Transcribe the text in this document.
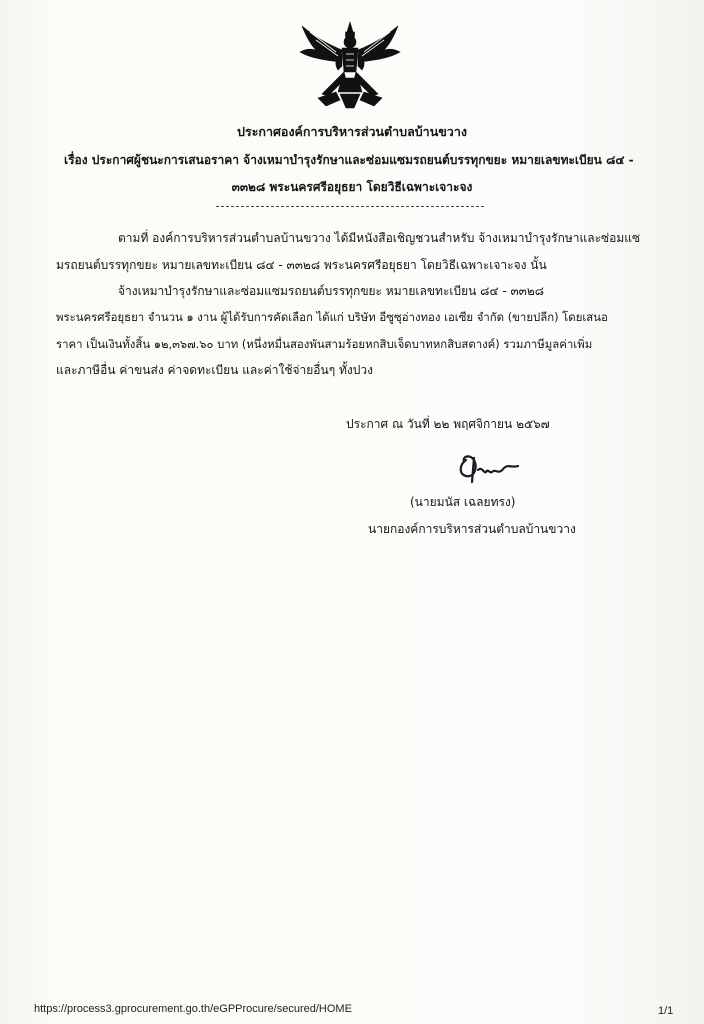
ประกาศองค์การบริหารส่วนตำบลบ้านขวาง
เรื่อง ประกาศผู้ชนะการเสนอราคา จ้างเหมาบำรุงรักษาและซ่อมแซมรถยนต์บรรทุกขยะ หมายเลขทะเบียน ๘๔ -
๓๓๒๘ พระนครศรีอยุธยา โดยวิธีเฉพาะเจาะจง
ตามที่ องค์การบริหารส่วนตำบลบ้านขวาง ได้มีหนังสือเชิญชวนสำหรับ จ้างเหมาบำรุงรักษาและซ่อมแซ
มรถยนต์บรรทุกขยะ หมายเลขทะเบียน ๘๔ - ๓๓๒๘ พระนครศรีอยุธยา โดยวิธีเฉพาะเจาะจง นั้น
จ้างเหมาบำรุงรักษาและซ่อมแซมรถยนต์บรรทุกขยะ หมายเลขทะเบียน ๘๔ - ๓๓๒๘
พระนครศรีอยุธยา จำนวน ๑ งาน ผู้ได้รับการคัดเลือก ได้แก่ บริษัท อีซูซุอ่างทอง เอเซีย จำกัด (ขายปลีก) โดยเสนอ
ราคา เป็นเงินทั้งสิ้น ๑๒,๓๖๗.๖๐ บาท (หนึ่งหมื่นสองพันสามร้อยหกสิบเจ็ดบาทหกสิบสตางค์) รวมภาษีมูลค่าเพิ่ม
และภาษีอื่น ค่าขนส่ง ค่าจดทะเบียน และค่าใช้จ่ายอื่นๆ ทั้งปวง
ประกาศ ณ วันที่ ๒๒ พฤศจิกายน ๒๕๖๗
(นายมนัส เฉลยทรง)
นายกองค์การบริหารส่วนตำบลบ้านขวาง
https://process3.gprocurement.go.th/eGPProcure/secured/HOME	1/1
